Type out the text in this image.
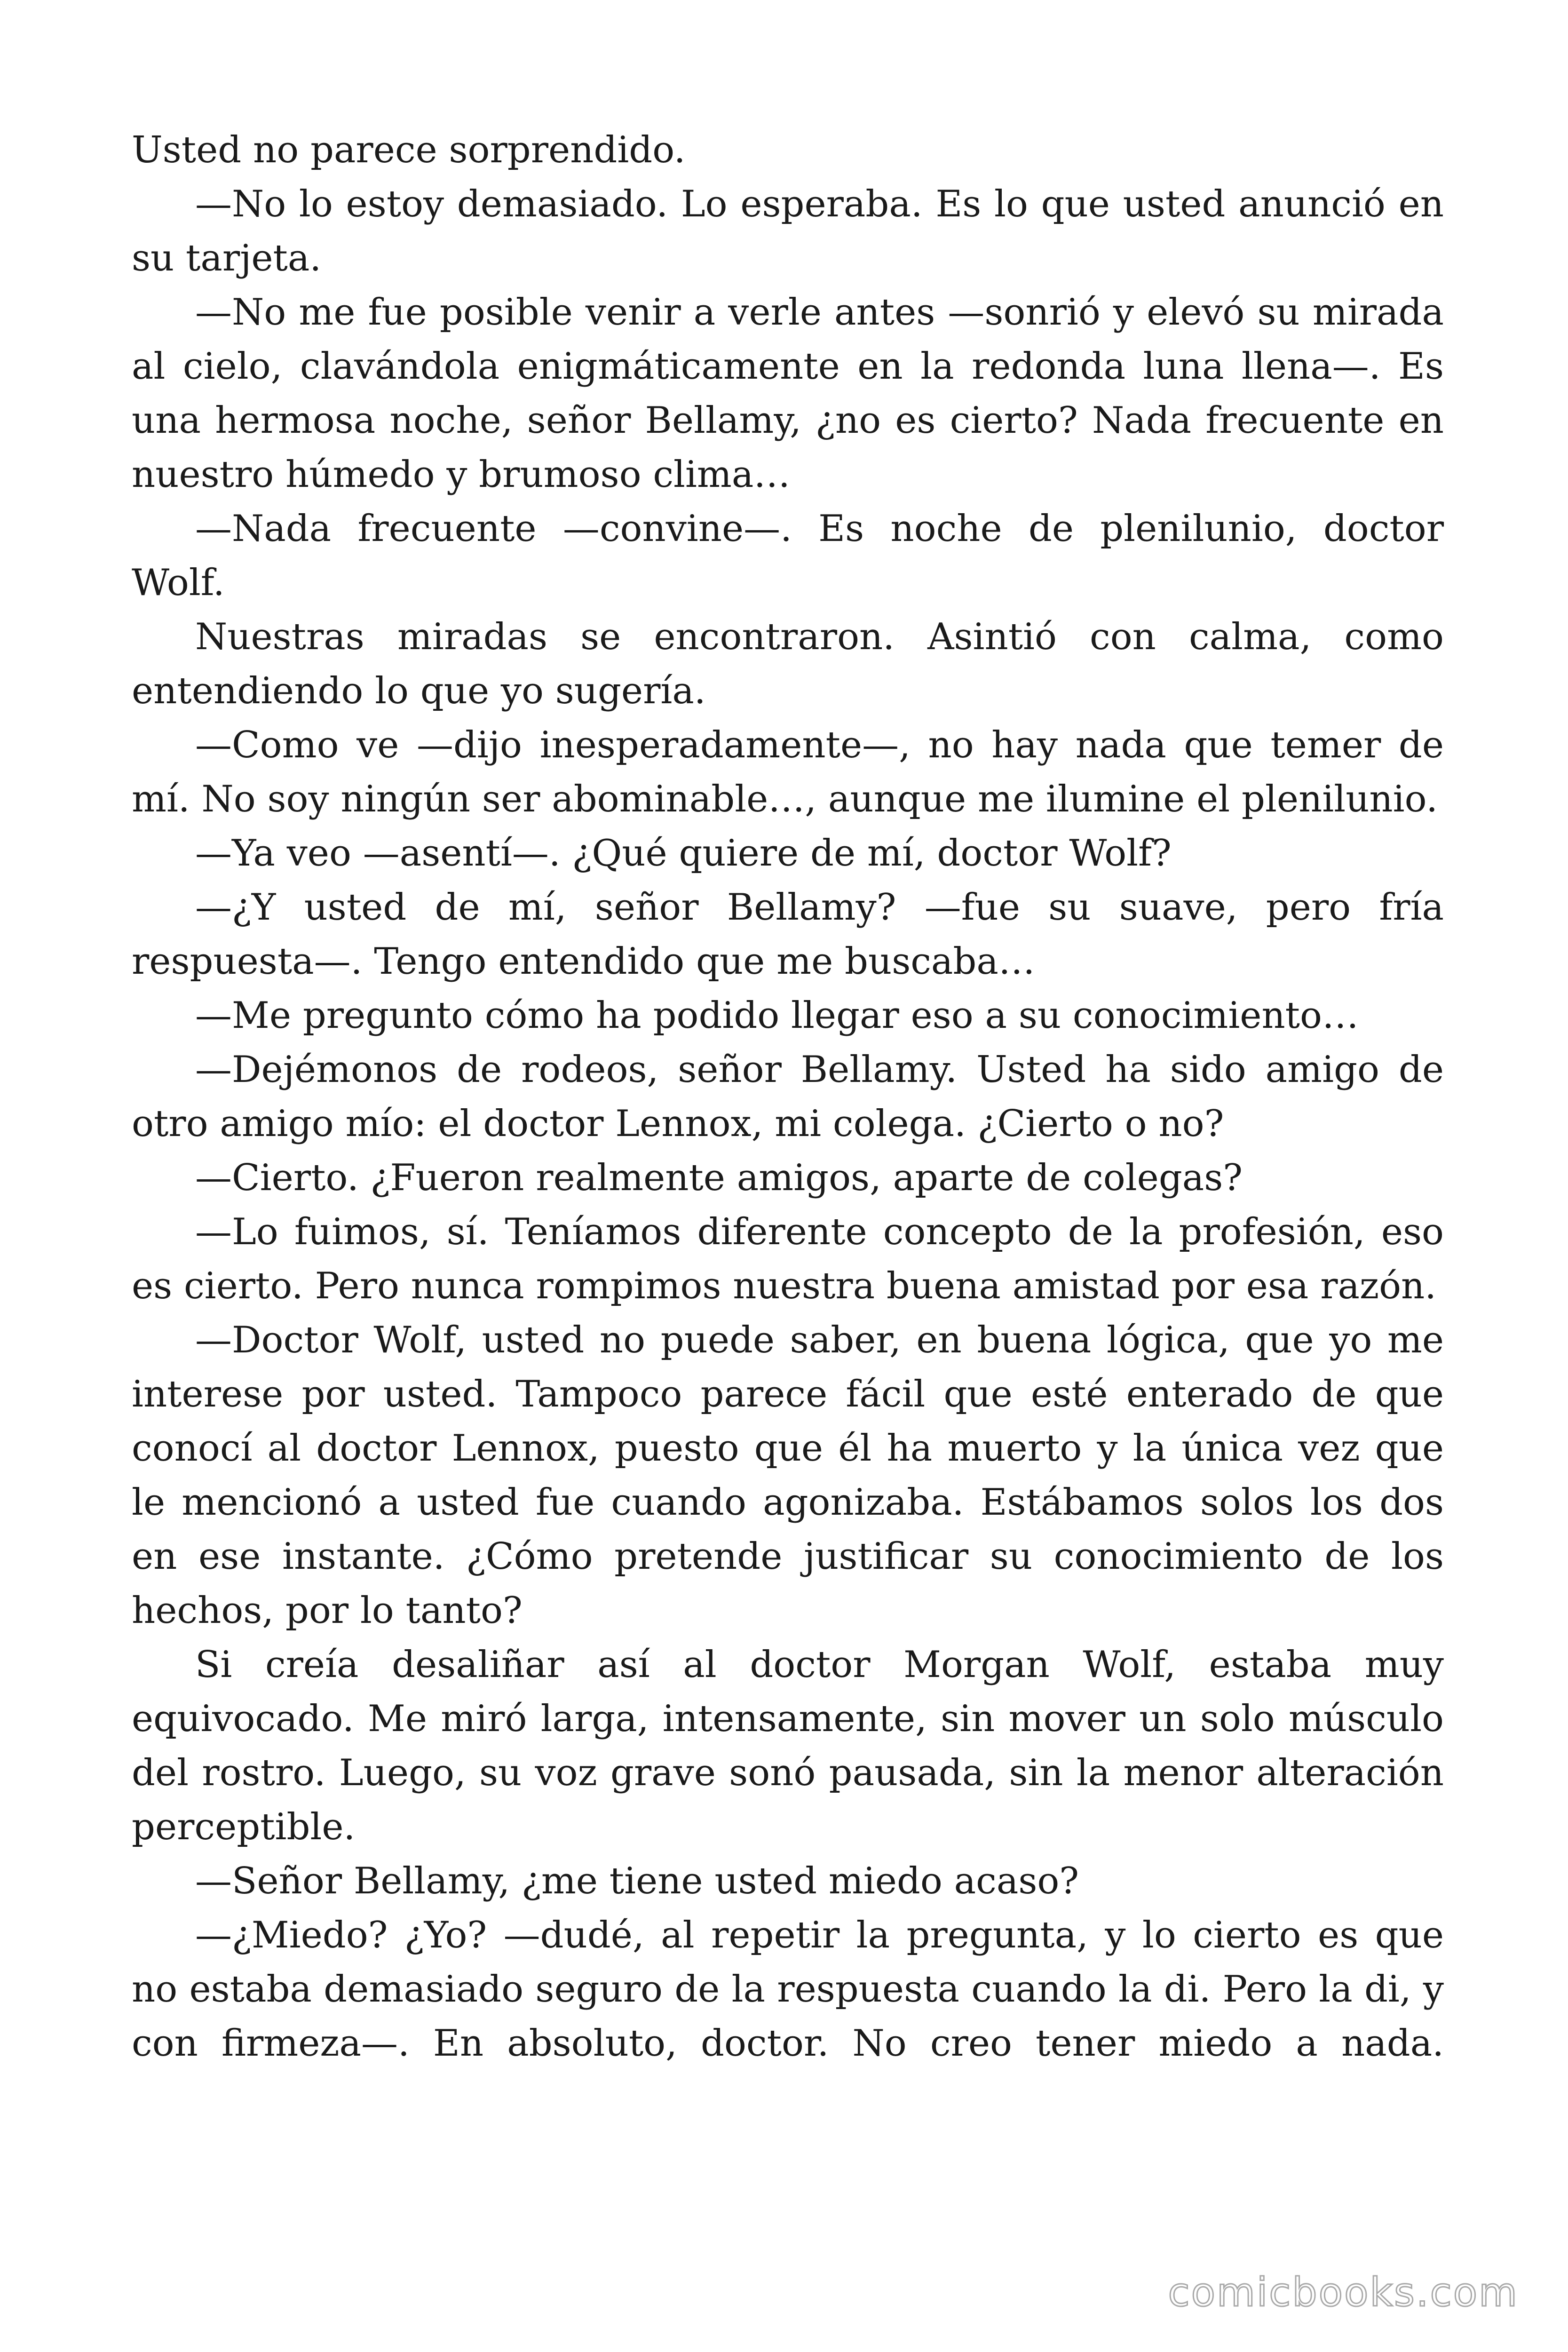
Usted no parece sorprendido.

—No lo estoy demasiado. Lo esperaba. Es lo que usted anunció en su tarjeta.

—No me fue posible venir a verle antes —sonrió y elevó su mirada al cielo, clavándola enigmáticamente en la redonda luna llena—. Es una hermosa noche, señor Bellamy, ¿no es cierto? Nada frecuente en nuestro húmedo y brumoso clima…

—Nada frecuente —convine—. Es noche de plenilunio, doctor Wolf.

Nuestras miradas se encontraron. Asintió con calma, como entendiendo lo que yo sugería.

—Como ve —dijo inesperadamente—, no hay nada que temer de mí. No soy ningún ser abominable…, aunque me ilumine el plenilunio.

—Ya veo —asentí—. ¿Qué quiere de mí, doctor Wolf?

—¿Y usted de mí, señor Bellamy? —fue su suave, pero fría respuesta—. Tengo entendido que me buscaba…

—Me pregunto cómo ha podido llegar eso a su conocimiento…

—Dejémonos de rodeos, señor Bellamy. Usted ha sido amigo de otro amigo mío: el doctor Lennox, mi colega. ¿Cierto o no?

—Cierto. ¿Fueron realmente amigos, aparte de colegas?

—Lo fuimos, sí. Teníamos diferente concepto de la profesión, eso es cierto. Pero nunca rompimos nuestra buena amistad por esa razón.

—Doctor Wolf, usted no puede saber, en buena lógica, que yo me interese por usted. Tampoco parece fácil que esté enterado de que conocí al doctor Lennox, puesto que él ha muerto y la única vez que le mencionó a usted fue cuando agonizaba. Estábamos solos los dos en ese instante. ¿Cómo pretende justificar su conocimiento de los hechos, por lo tanto?

Si creía desaliñar así al doctor Morgan Wolf, estaba muy equivocado. Me miró larga, intensamente, sin mover un solo músculo del rostro. Luego, su voz grave sonó pausada, sin la menor alteración perceptible.

—Señor Bellamy, ¿me tiene usted miedo acaso?

—¿Miedo? ¿Yo? —dudé, al repetir la pregunta, y lo cierto es que no estaba demasiado seguro de la respuesta cuando la di. Pero la di, y con firmeza—. En absoluto, doctor. No creo tener miedo a nada.

comicbooks.com
